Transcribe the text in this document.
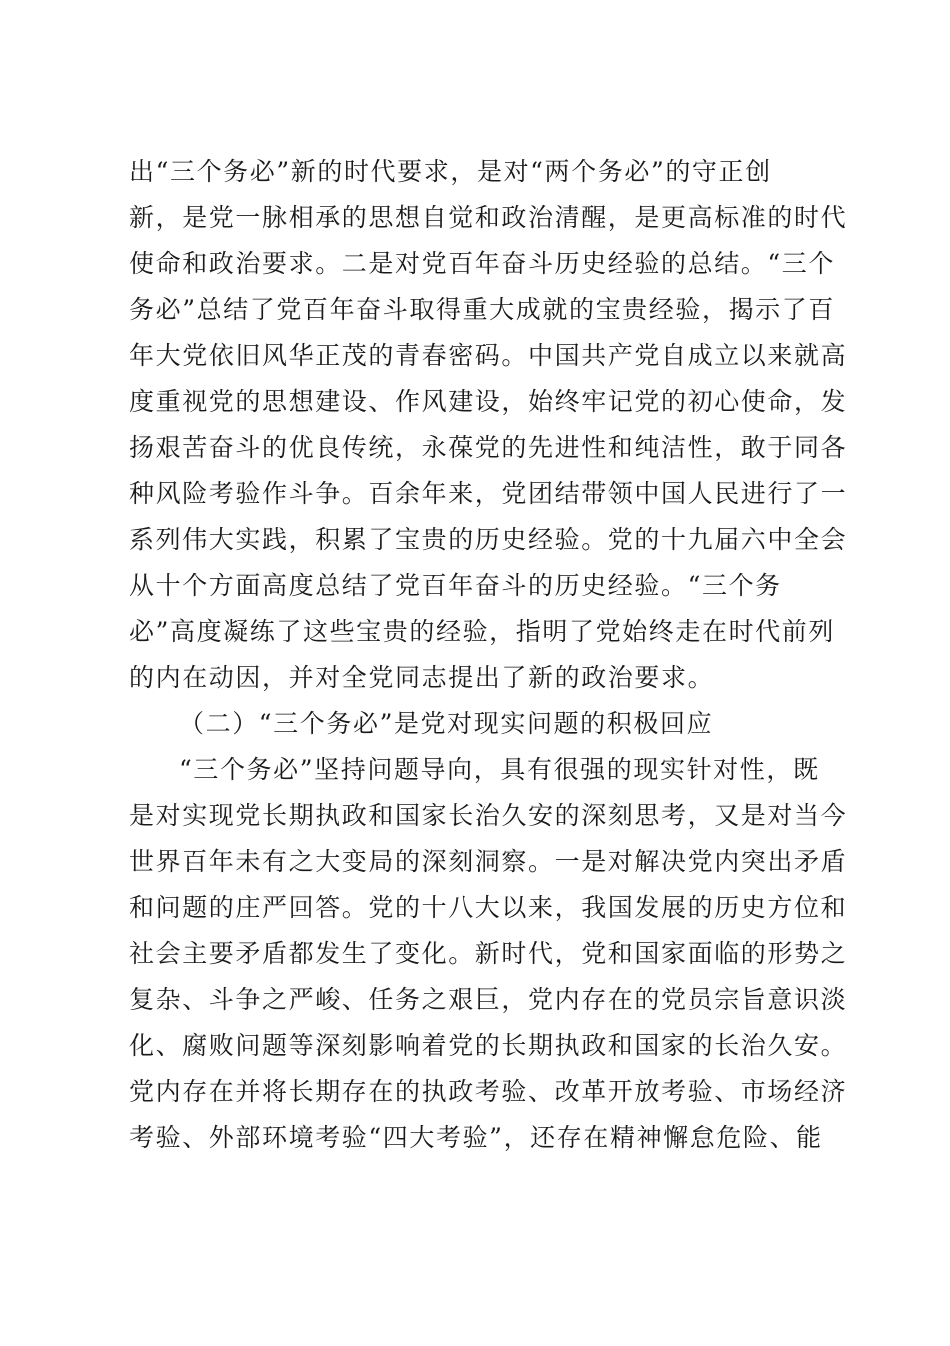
出“三个务必”新的时代要求，是对“两个务必”的守正创
新，是党一脉相承的思想自觉和政治清醒，是更高标准的时代
使命和政治要求。二是对党百年奋斗历史经验的总结。“三个
务必”总结了党百年奋斗取得重大成就的宝贵经验，揭示了百
年大党依旧风华正茂的青春密码。中国共产党自成立以来就高
度重视党的思想建设、作风建设，始终牢记党的初心使命，发
扬艰苦奋斗的优良传统，永葆党的先进性和纯洁性，敢于同各
种风险考验作斗争。百余年来，党团结带领中国人民进行了一
系列伟大实践，积累了宝贵的历史经验。党的十九届六中全会
从十个方面高度总结了党百年奋斗的历史经验。“三个务
必”高度凝练了这些宝贵的经验，指明了党始终走在时代前列
的内在动因，并对全党同志提出了新的政治要求。
（二）“三个务必”是党对现实问题的积极回应
“三个务必”坚持问题导向，具有很强的现实针对性，既
是对实现党长期执政和国家长治久安的深刻思考，又是对当今
世界百年未有之大变局的深刻洞察。一是对解决党内突出矛盾
和问题的庄严回答。党的十八大以来，我国发展的历史方位和
社会主要矛盾都发生了变化。新时代，党和国家面临的形势之
复杂、斗争之严峻、任务之艰巨，党内存在的党员宗旨意识淡
化、腐败问题等深刻影响着党的长期执政和国家的长治久安。
党内存在并将长期存在的执政考验、改革开放考验、市场经济
考验、外部环境考验“四大考验”，还存在精神懈怠危险、能
